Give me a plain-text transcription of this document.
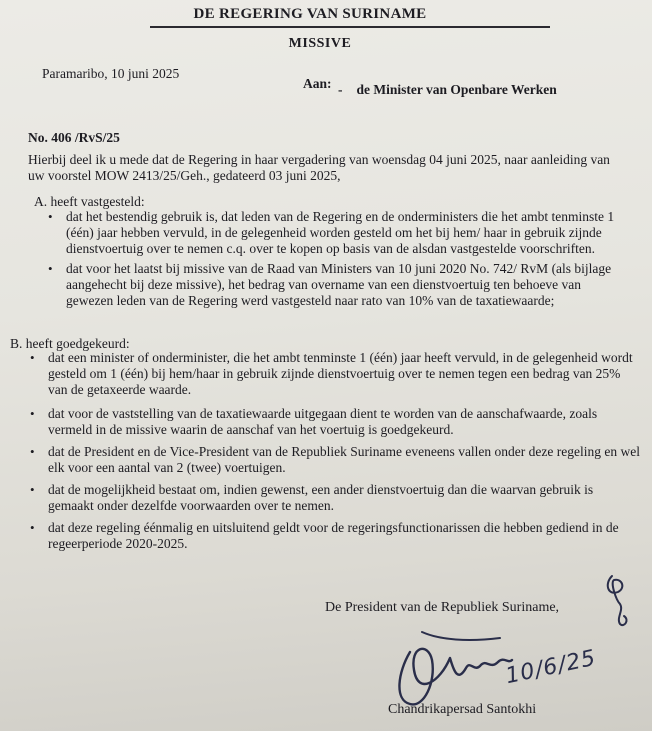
DE REGERING VAN SURINAME
MISSIVE
Paramaribo, 10 juni 2025
Aan: - de Minister van Openbare Werken
No. 406 /RvS/25
Hierbij deel ik u mede dat de Regering in haar vergadering van woensdag 04 juni 2025, naar aanleiding van uw voorstel MOW 2413/25/Geh., gedateerd 03 juni 2025,
A. heeft vastgesteld:
• dat het bestendig gebruik is, dat leden van de Regering en de onderministers die het ambt tenminste 1 (één) jaar hebben vervuld, in de gelegenheid worden gesteld om het bij hem/ haar in gebruik zijnde dienstvoertuig over te nemen c.q. over te kopen op basis van de alsdan vastgestelde voorschriften.
• dat voor het laatst bij missive van de Raad van Ministers van 10 juni 2020 No. 742/ RvM (als bijlage aangehecht bij deze missive), het bedrag van overname van een dienstvoertuig ten behoeve van gewezen leden van de Regering werd vastgesteld naar rato van 10% van de taxatiewaarde;
B. heeft goedgekeurd:
• dat een minister of onderminister, die het ambt tenminste 1 (één) jaar heeft vervuld, in de gelegenheid wordt gesteld om 1 (één) bij hem/haar in gebruik zijnde dienstvoertuig over te nemen tegen een bedrag van 25% van de getaxeerde waarde.
• dat voor de vaststelling van de taxatiewaarde uitgegaan dient te worden van de aanschafwaarde, zoals vermeld in de missive waarin de aanschaf van het voertuig is goedgekeurd.
• dat de President en de Vice-President van de Republiek Suriname eveneens vallen onder deze regeling en wel elk voor een aantal van 2 (twee) voertuigen.
• dat de mogelijkheid bestaat om, indien gewenst, een ander dienstvoertuig dan die waarvan gebruik is gemaakt onder dezelfde voorwaarden over te nemen.
• dat deze regeling éénmalig en uitsluitend geldt voor de regeringsfunctionarissen die hebben gediend in de regeerperiode 2020-2025.
De President van de Republiek Suriname,
10/6/25
Chandrikapersad Santokhi
